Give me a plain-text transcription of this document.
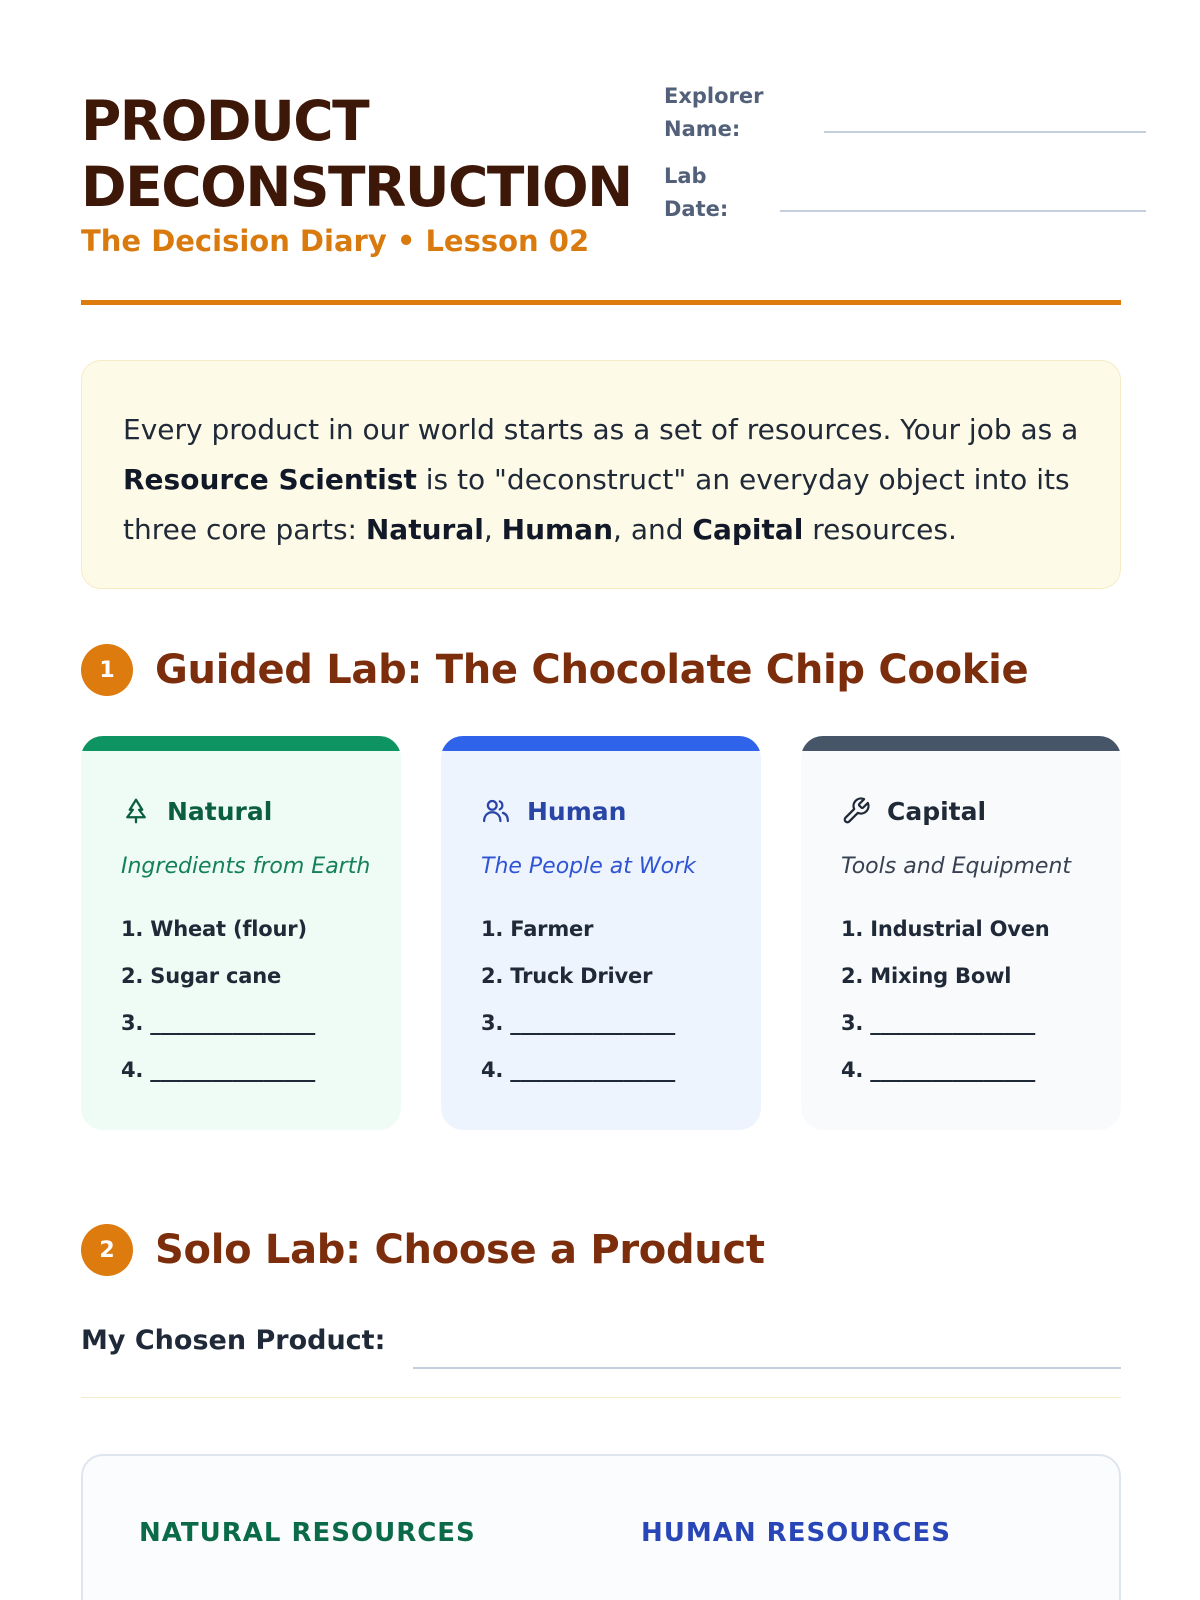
PRODUCT
DECONSTRUCTION
The Decision Diary • Lesson 02
Explorer
Name:
Lab
Date:
Every product in our world starts as a set of resources. Your job as a Resource Scientist is to "deconstruct" an everyday object into its three core parts: Natural, Human, and Capital resources.
1	Guided Lab: The Chocolate Chip Cookie
Natural
Ingredients from Earth
1. Wheat (flour)
2. Sugar cane
3. ________________
4. ________________
Human
The People at Work
1. Farmer
2. Truck Driver
3. ________________
4. ________________
Capital
Tools and Equipment
1. Industrial Oven
2. Mixing Bowl
3. ________________
4. ________________
2	Solo Lab: Choose a Product
My Chosen Product:
NATURAL RESOURCES	HUMAN RESOURCES
